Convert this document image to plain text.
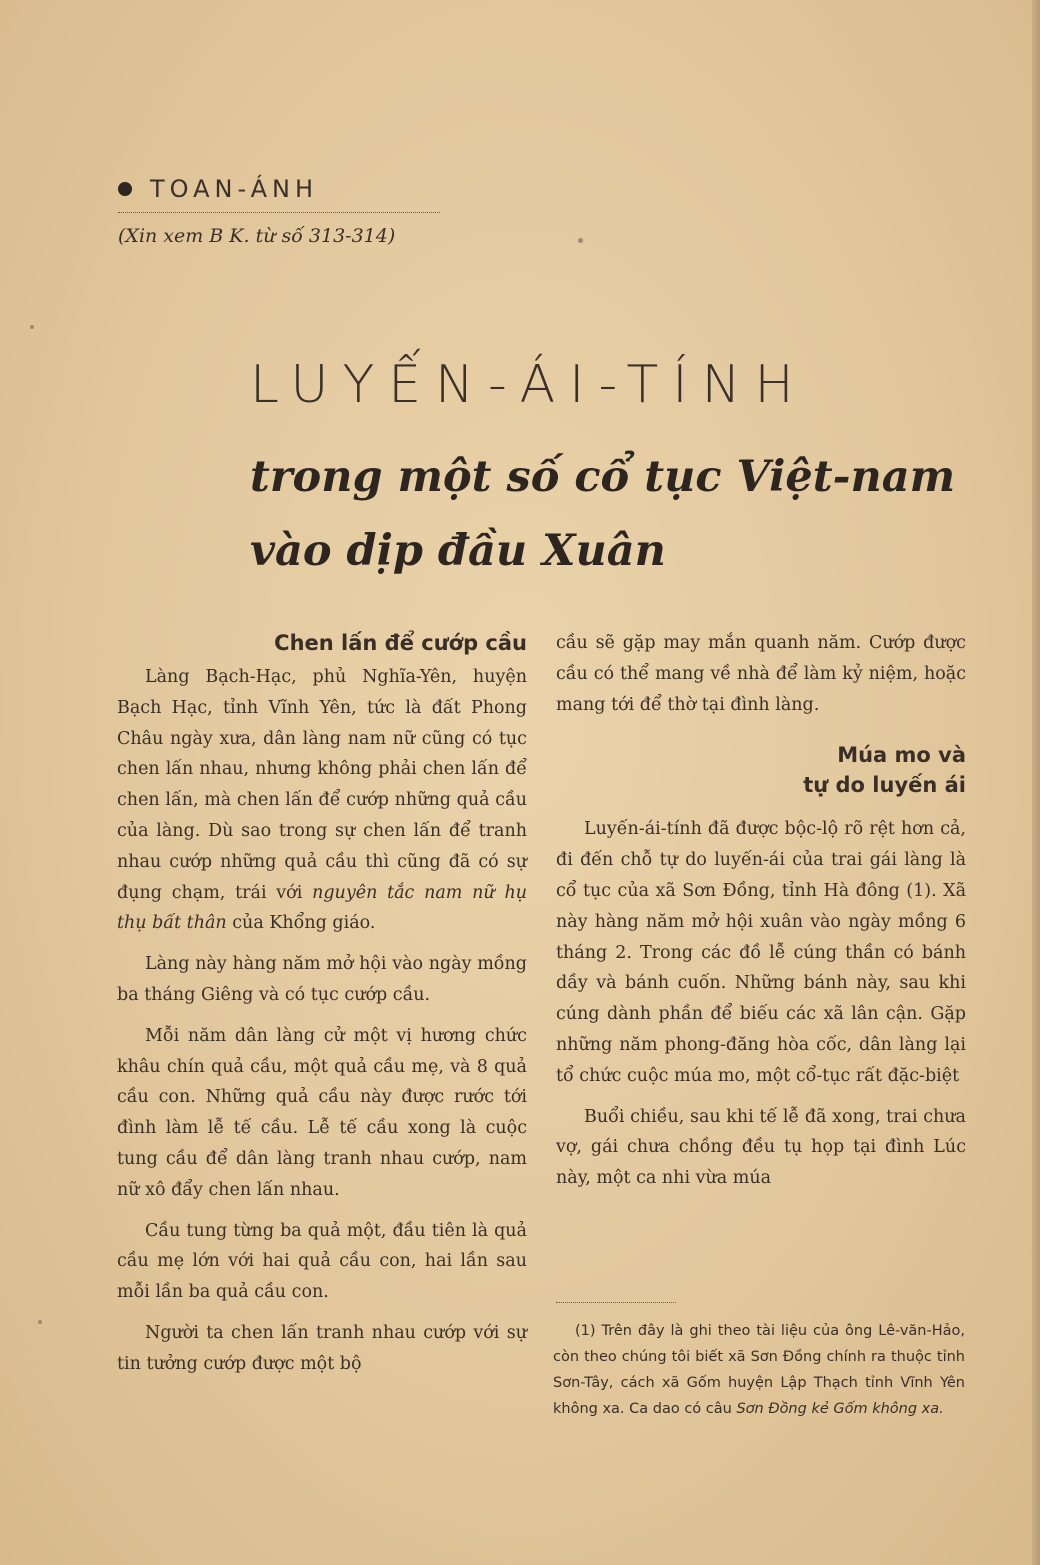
TOAN-ÁNH
(Xin xem B K. từ số 313-314)
LUYẾN-ÁI-TÍNH
trong một số cổ tục Việt-nam
vào dịp đầu Xuân
Chen lấn để cướp cầu

Làng Bạch-Hạc, phủ Nghĩa-Yên, huyện Bạch Hạc, tỉnh Vĩnh Yên, tức là đất Phong Châu ngày xưa, dân làng nam nữ cũng có tục chen lấn nhau, nhưng không phải chen lấn để chen lấn, mà chen lấn để cướp những quả cầu của làng. Dù sao trong sự chen lấn để tranh nhau cướp những quả cầu thì cũng đã có sự đụng chạm, trái với nguyên tắc nam nữ hụ thụ bất thân của Khổng giáo.

Làng này hàng năm mở hội vào ngày mồng ba tháng Giêng và có tục cướp cầu.

Mỗi năm dân làng cử một vị hương chức khâu chín quả cầu, một quả cầu mẹ, và 8 quả cầu con. Những quả cầu này được rước tới đình làm lễ tế cầu. Lễ tế cầu xong là cuộc tung cầu để dân làng tranh nhau cướp, nam nữ xô đẩy chen lấn nhau.

Cầu tung từng ba quả một, đầu tiên là quả cầu mẹ lớn với hai quả cầu con, hai lần sau mỗi lần ba quả cầu con.

Người ta chen lấn tranh nhau cướp với sự tin tưởng cướp được một bộ

cầu sẽ gặp may mắn quanh năm. Cướp được cầu có thể mang về nhà để làm kỷ niệm, hoặc mang tới để thờ tại đình làng.

Múa mo và
tự do luyến ái

Luyến-ái-tính đã được bộc-lộ rõ rệt hơn cả, đi đến chỗ tự do luyến-ái của trai gái làng là cổ tục của xã Sơn Đồng, tỉnh Hà đông (1). Xã này hàng năm mở hội xuân vào ngày mồng 6 tháng 2. Trong các đồ lễ cúng thần có bánh dầy và bánh cuốn. Những bánh này, sau khi cúng dành phần để biếu các xã lân cận. Gặp những năm phong-đăng hòa cốc, dân làng lại tổ chức cuộc múa mo, một cổ-tục rất đặc-biệt

Buổi chiều, sau khi tế lễ đã xong, trai chưa vợ, gái chưa chồng đều tụ họp tại đình Lúc này, một ca nhi vừa múa

(1) Trên đây là ghi theo tài liệu của ông Lê-văn-Hảo, còn theo chúng tôi biết xã Sơn Đồng chính ra thuộc tỉnh Sơn-Tây, cách xã Gốm huyện Lập Thạch tỉnh Vĩnh Yên không xa. Ca dao có câu Sơn Đồng kẻ Gốm không xa.
